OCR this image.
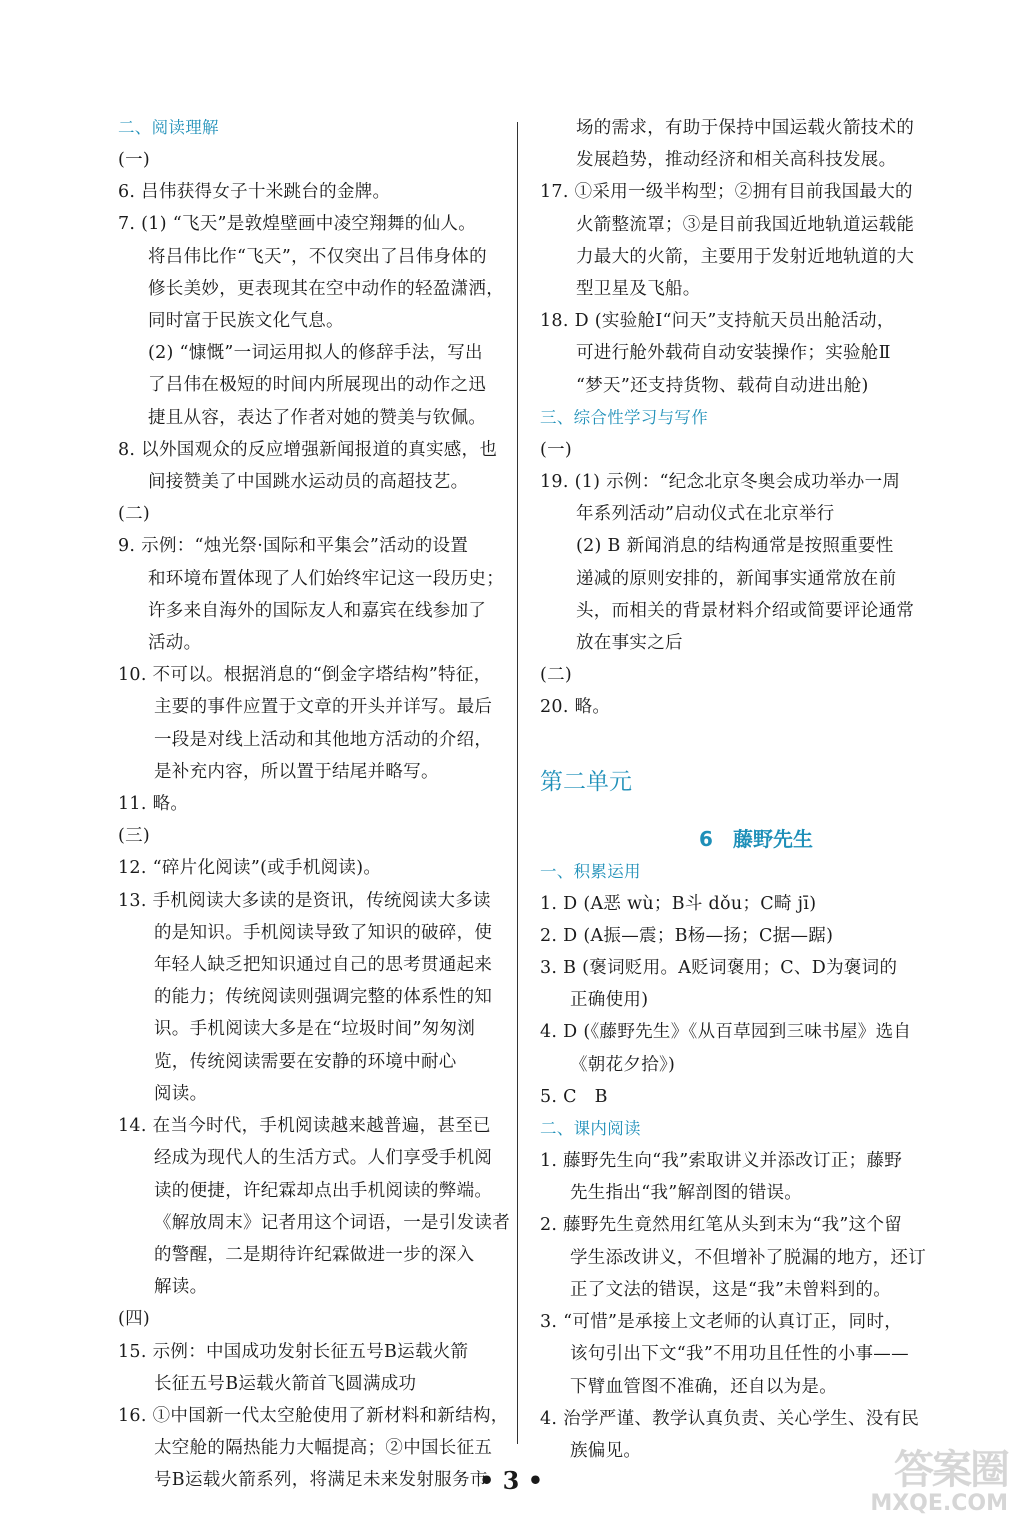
二、阅读理解
(一)
6. 吕伟获得女子十米跳台的金牌。
7. (1) “飞天”是敦煌壁画中凌空翔舞的仙人。
将吕伟比作“飞天”，不仅突出了吕伟身体的
修长美妙，更表现其在空中动作的轻盈潇洒，
同时富于民族文化气息。
(2) “慷慨”一词运用拟人的修辞手法，写出
了吕伟在极短的时间内所展现出的动作之迅
捷且从容，表达了作者对她的赞美与钦佩。
8. 以外国观众的反应增强新闻报道的真实感，也
间接赞美了中国跳水运动员的高超技艺。
(二)
9. 示例：“烛光祭·国际和平集会”活动的设置
和环境布置体现了人们始终牢记这一段历史；
许多来自海外的国际友人和嘉宾在线参加了
活动。
10. 不可以。根据消息的“倒金字塔结构”特征，
主要的事件应置于文章的开头并详写。最后
一段是对线上活动和其他地方活动的介绍，
是补充内容，所以置于结尾并略写。
11. 略。
(三)
12. “碎片化阅读”(或手机阅读)。
13. 手机阅读大多读的是资讯，传统阅读大多读
的是知识。手机阅读导致了知识的破碎，使
年轻人缺乏把知识通过自己的思考贯通起来
的能力；传统阅读则强调完整的体系性的知
识。手机阅读大多是在“垃圾时间”匆匆浏
览，传统阅读需要在安静的环境中耐心
阅读。
14. 在当今时代，手机阅读越来越普遍，甚至已
经成为现代人的生活方式。人们享受手机阅
读的便捷，许纪霖却点出手机阅读的弊端。
《解放周末》记者用这个词语，一是引发读者
的警醒，二是期待许纪霖做进一步的深入
解读。
(四)
15. 示例：中国成功发射长征五号B运载火箭
长征五号B运载火箭首飞圆满成功
16. ①中国新一代太空舱使用了新材料和新结构，
太空舱的隔热能力大幅提高；②中国长征五
号B运载火箭系列，将满足未来发射服务市
场的需求，有助于保持中国运载火箭技术的
发展趋势，推动经济和相关高科技发展。
17. ①采用一级半构型；②拥有目前我国最大的
火箭整流罩；③是目前我国近地轨道运载能
力最大的火箭，主要用于发射近地轨道的大
型卫星及飞船。
18. D (实验舱Ⅰ“问天”支持航天员出舱活动，
可进行舱外载荷自动安装操作；实验舱Ⅱ
“梦天”还支持货物、载荷自动进出舱)
三、综合性学习与写作
(一)
19. (1) 示例：“纪念北京冬奥会成功举办一周
年系列活动”启动仪式在北京举行
(2) B 新闻消息的结构通常是按照重要性
递减的原则安排的，新闻事实通常放在前
头，而相关的背景材料介绍或简要评论通常
放在事实之后
(二)
20. 略。
第二单元
6　藤野先生
一、积累运用
1. D (A恶 wù；B斗 dǒu；C畸 jī)
2. D (A振—震；B杨—扬；C据—踞)
3. B (褒词贬用。A贬词褒用；C、D为褒词的
正确使用)
4. D (《藤野先生》《从百草园到三味书屋》选自
《朝花夕拾》)
5. C　B
二、课内阅读
1. 藤野先生向“我”索取讲义并添改订正；藤野
先生指出“我”解剖图的错误。
2. 藤野先生竟然用红笔从头到末为“我”这个留
学生添改讲义，不但增补了脱漏的地方，还订
正了文法的错误，这是“我”未曾料到的。
3. “可惜”是承接上文老师的认真订正，同时，
该句引出下文“我”不用功且任性的小事——
下臂血管图不准确，还自以为是。
4. 治学严谨、教学认真负责、关心学生、没有民
族偏见。
• 3 •	答案圈
MXQE.COM
